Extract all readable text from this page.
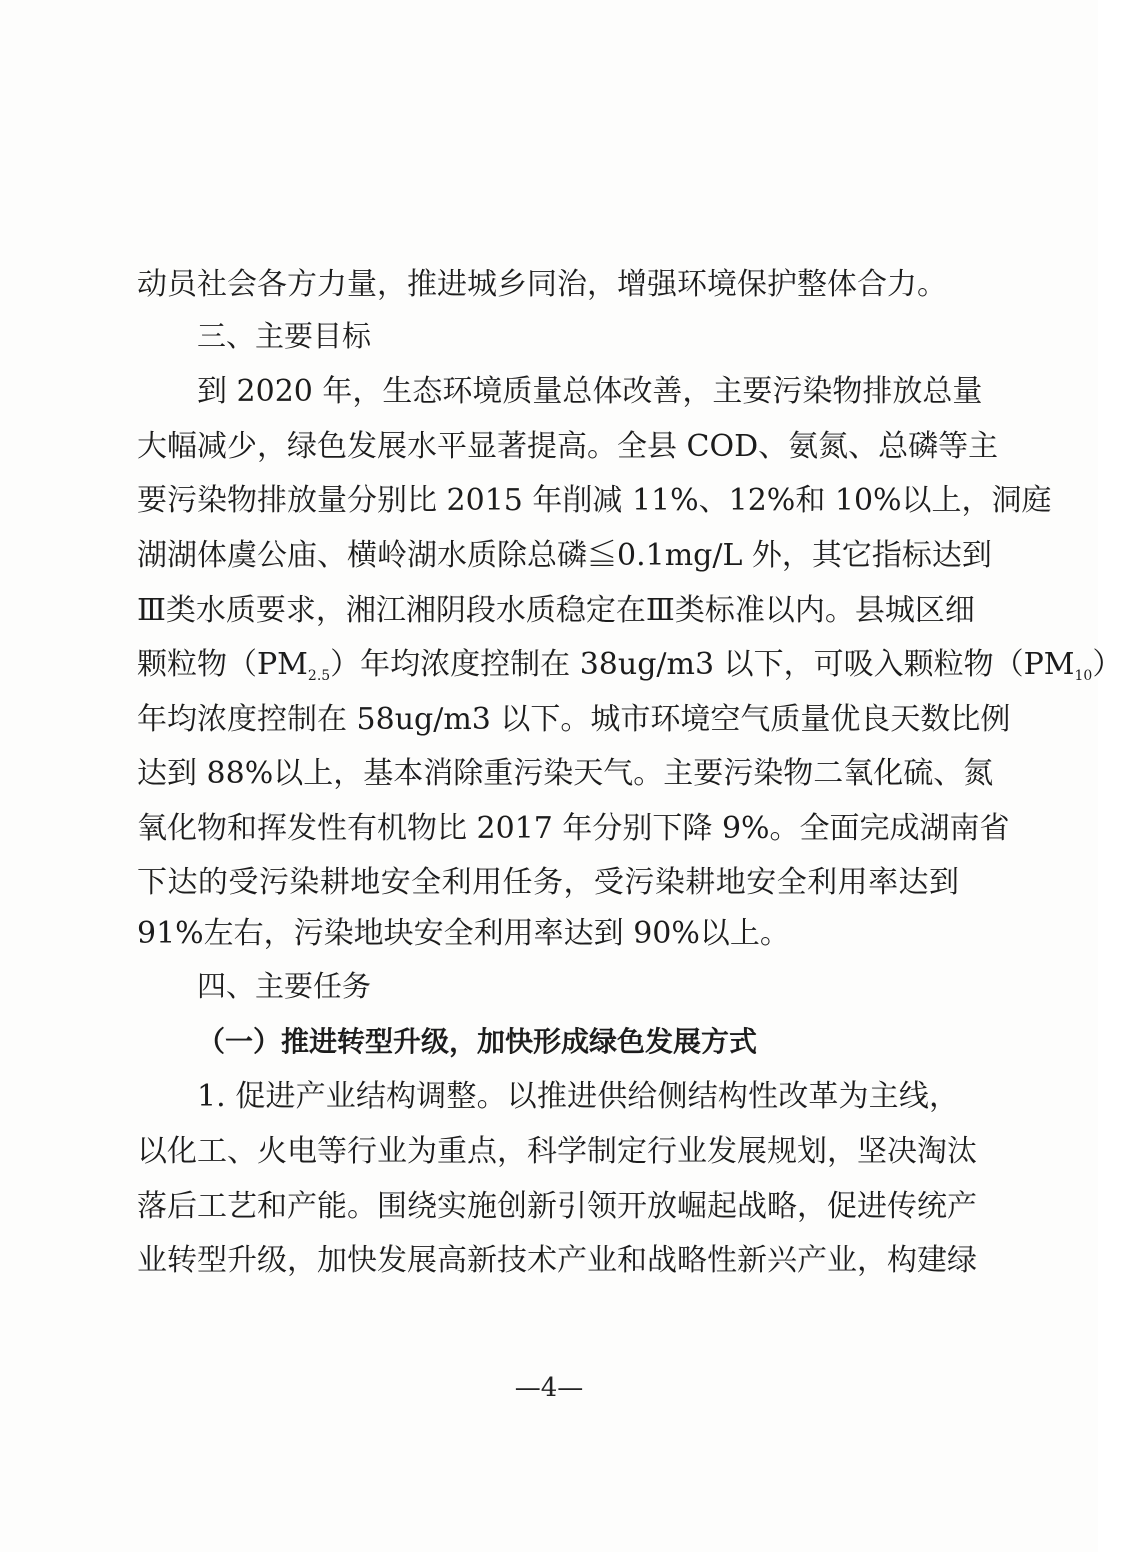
动员社会各方力量，推进城乡同治，增强环境保护整体合力。
三、主要目标
到 2020 年，生态环境质量总体改善，主要污染物排放总量
大幅减少，绿色发展水平显著提高。全县 COD、氨氮、总磷等主
要污染物排放量分别比 2015 年削减 11%、12%和 10%以上，洞庭
湖湖体虞公庙、横岭湖水质除总磷≦0.1mg/L 外，其它指标达到
Ⅲ类水质要求，湘江湘阴段水质稳定在Ⅲ类标准以内。县城区细
颗粒物$(PM_{2.5})$年均浓度控制在 38ug/m3 以下，可吸入颗粒物$(PM_{10})$
年均浓度控制在 58ug/m3 以下。城市环境空气质量优良天数比例
达到 88%以上，基本消除重污染天气。主要污染物二氧化硫、氮
氧化物和挥发性有机物比 2017 年分别下降 9%。全面完成湖南省
下达的受污染耕地安全利用任务，受污染耕地安全利用率达到
91%左右，污染地块安全利用率达到 90%以上。
四、主要任务
（一）推进转型升级，加快形成绿色发展方式
1. 促进产业结构调整。以推进供给侧结构性改革为主线，
以化工、火电等行业为重点，科学制定行业发展规划，坚决淘汰
落后工艺和产能。围绕实施创新引领开放崛起战略，促进传统产
业转型升级，加快发展高新技术产业和战略性新兴产业，构建绿
—4—
